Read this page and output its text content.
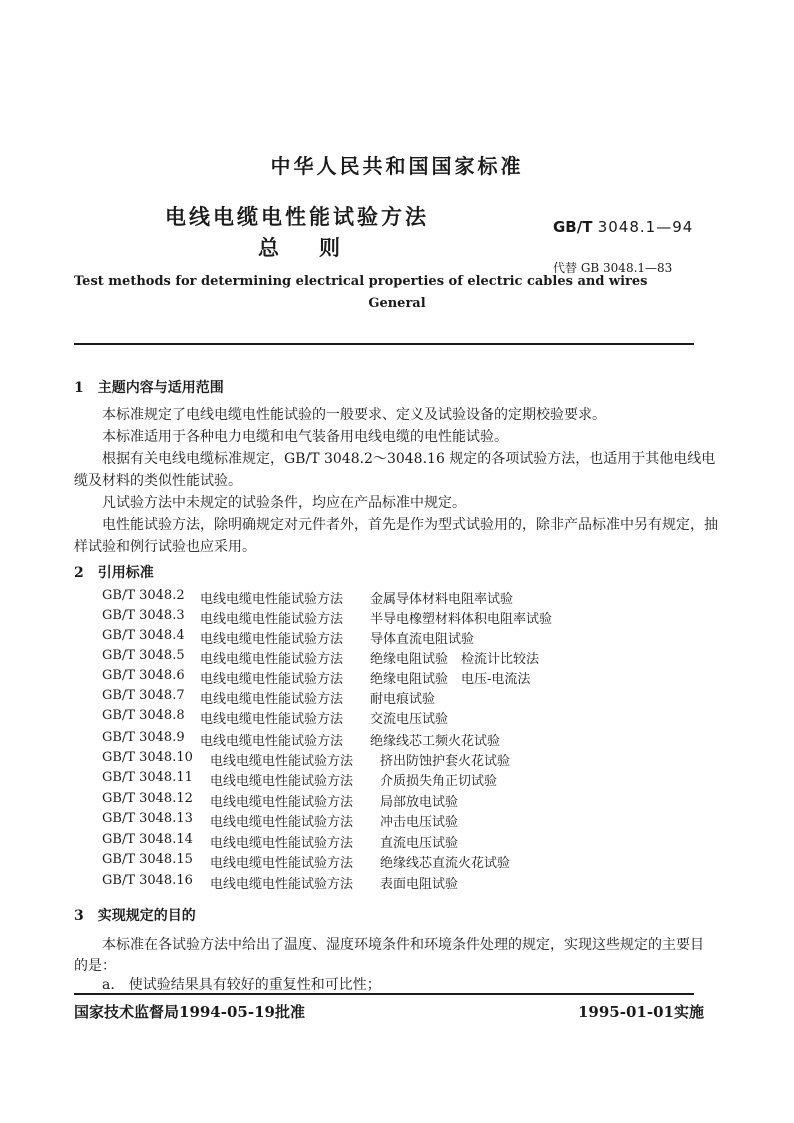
中华人民共和国国家标准
电线电缆电性能试验方法
总则
GB/T 3048.1—94
代替 GB 3048.1—83
Test methods for determining electrical properties of electric cables and wires
General
1　主题内容与适用范围
本标准规定了电线电缆电性能试验的一般要求、定义及试验设备的定期校验要求。
本标准适用于各种电力电缆和电气装备用电线电缆的电性能试验。
根据有关电线电缆标准规定，GB/T 3048.2～3048.16 规定的各项试验方法，也适用于其他电线电
缆及材料的类似性能试验。
凡试验方法中未规定的试验条件，均应在产品标准中规定。
电性能试验方法，除明确规定对元件者外，首先是作为型式试验用的，除非产品标准中另有规定，抽
样试验和例行试验也应采用。
2　引用标准
GB/T 3048.2 电线电缆电性能试验方法 金属导体材料电阻率试验
GB/T 3048.3 电线电缆电性能试验方法 半导电橡塑材料体积电阻率试验
GB/T 3048.4 电线电缆电性能试验方法 导体直流电阻试验
GB/T 3048.5 电线电缆电性能试验方法 绝缘电阻试验　检流计比较法
GB/T 3048.6 电线电缆电性能试验方法 绝缘电阻试验　电压-电流法
GB/T 3048.7 电线电缆电性能试验方法 耐电痕试验
GB/T 3048.8 电线电缆电性能试验方法 交流电压试验
GB/T 3048.9 电线电缆电性能试验方法 绝缘线芯工频火花试验
GB/T 3048.10 电线电缆电性能试验方法 挤出防蚀护套火花试验
GB/T 3048.11 电线电缆电性能试验方法 介质损失角正切试验
GB/T 3048.12 电线电缆电性能试验方法 局部放电试验
GB/T 3048.13 电线电缆电性能试验方法 冲击电压试验
GB/T 3048.14 电线电缆电性能试验方法 直流电压试验
GB/T 3048.15 电线电缆电性能试验方法 绝缘线芯直流火花试验
GB/T 3048.16 电线电缆电性能试验方法 表面电阻试验
3　实现规定的目的
本标准在各试验方法中给出了温度、湿度环境条件和环境条件处理的规定，实现这些规定的主要目
的是：
a.　使试验结果具有较好的重复性和可比性；
国家技术监督局1994-05-19批准	1995-01-01实施
